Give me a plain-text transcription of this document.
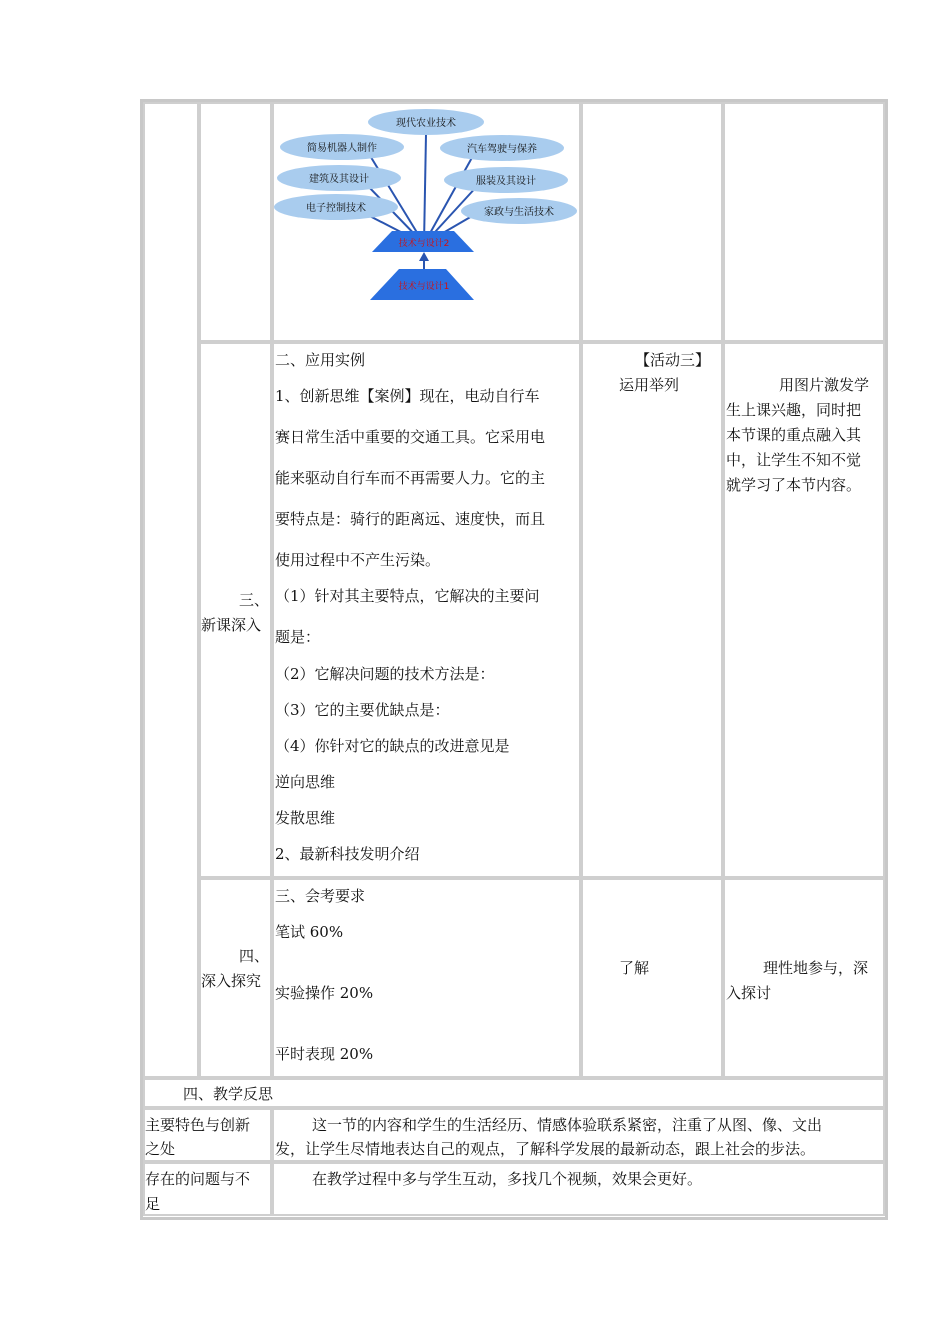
现代农业技术
简易机器人制作
建筑及其设计
电子控制技术
汽车驾驶与保养
服装及其设计
家政与生活技术
技术与设计2
技术与设计1
三、
新课深入
二、应用实例
1、创新思维【案例】现在，电动自行车
赛日常生活中重要的交通工具。它采用电
能来驱动自行车而不再需要人力。它的主
要特点是：骑行的距离远、速度快，而且
使用过程中不产生污染。
（1）针对其主要特点，它解决的主要问
题是：
（2）它解决问题的技术方法是：
（3）它的主要优缺点是：
（4）你针对它的缺点的改进意见是
逆向思维
发散思维
2、最新科技发明介绍
【活动三】
运用举列	用图片激发学
生上课兴趣，同时把
本节课的重点融入其
中，让学生不知不觉
就学习了本节内容。
四、
深入探究
三、会考要求
笔试 60%
实验操作 20%
平时表现 20%
了解	理性地参与，深
入探讨
四、教学反思
主要特色与创新
之处
这一节的内容和学生的生活经历、情感体验联系紧密，注重了从图、像、文出
发，让学生尽情地表达自己的观点，了解科学发展的最新动态，跟上社会的步法。
存在的问题与不
足
在教学过程中多与学生互动，多找几个视频，效果会更好。
